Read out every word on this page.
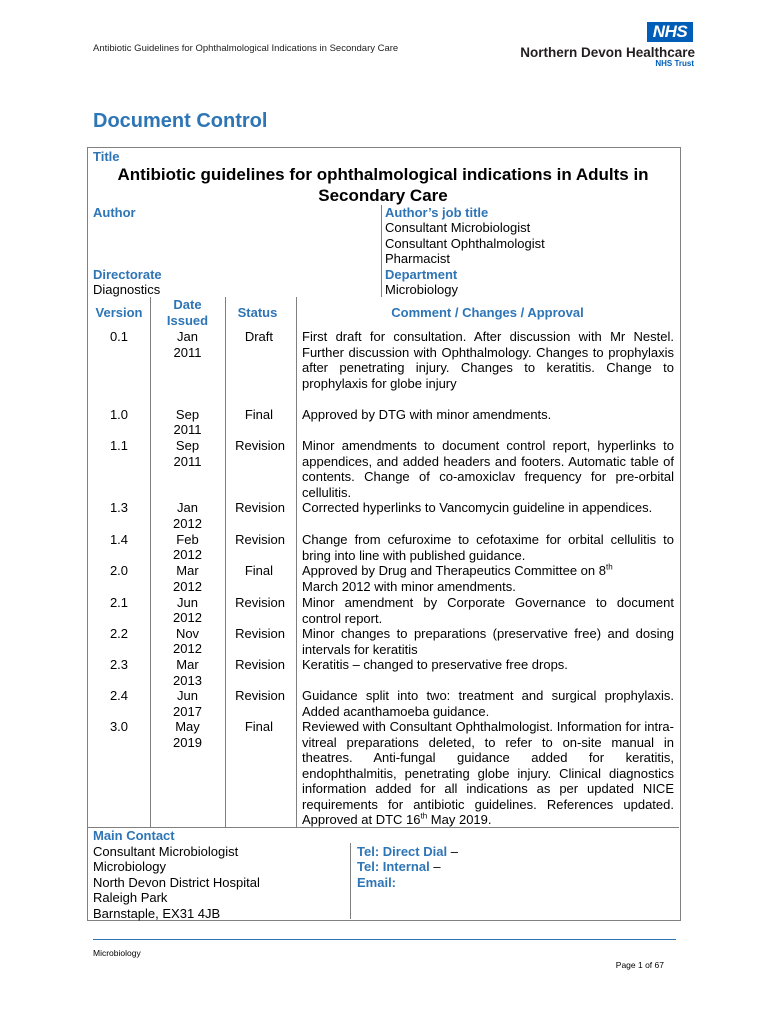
Antibiotic Guidelines for Ophthalmological Indications in Secondary Care
NHS
Northern Devon Healthcare
NHS Trust
Document Control
Title
Antibiotic guidelines for ophthalmological indications in Adults in
Secondary Care
Author	Author’s job title
Consultant Microbiologist
Consultant Ophthalmologist
Pharmacist
Directorate
Diagnostics
Department
Microbiology
Version
Date
Issued
Status	Comment / Changes / Approval
0.1	Jan
2011
Draft First draft for consultation. After discussion with Mr Nestel. Further discussion with Ophthalmology. Changes to prophylaxis after penetrating injury. Changes to keratitis. Change to prophylaxis for globe injury
1.0	Sep
2011
Final Approved by DTG with minor amendments.
1.1	Sep
2011
Revision Minor amendments to document control report, hyperlinks to appendices, and added headers and footers. Automatic table of contents. Change of co-amoxiclav frequency for pre-orbital cellulitis.
1.3	Jan
2012
Revision Corrected hyperlinks to Vancomycin guideline in appendices.
1.4	Feb
2012
Revision Change from cefuroxime to cefotaxime for orbital cellulitis to bring into line with published guidance.
2.0	Mar
2012
Final Approved by Drug and Therapeutics Committee on 8th
March 2012 with minor amendments.
2.1	Jun
2012
Revision Minor amendment by Corporate Governance to document control report.
2.2	Nov
2012
Revision Minor changes to preparations (preservative free) and dosing intervals for keratitis
2.3	Mar
2013
Revision Keratitis – changed to preservative free drops.
2.4	Jun
2017
Revision Guidance split into two: treatment and surgical prophylaxis. Added acanthamoeba guidance.
3.0	May
2019
Final Reviewed with Consultant Ophthalmologist. Information for intra-vitreal preparations deleted, to refer to on-site manual in theatres. Anti-fungal guidance added for keratitis, endophthalmitis, penetrating globe injury. Clinical diagnostics information added for all indications as per updated NICE requirements for antibiotic guidelines. References updated. Approved at DTC 16th May 2019.
Main Contact
Consultant Microbiologist
Microbiology
North Devon District Hospital
Raleigh Park
Barnstaple, EX31 4JB
Tel: Direct Dial –
Tel: Internal –
Email:
Microbiology
Page 1 of 67
